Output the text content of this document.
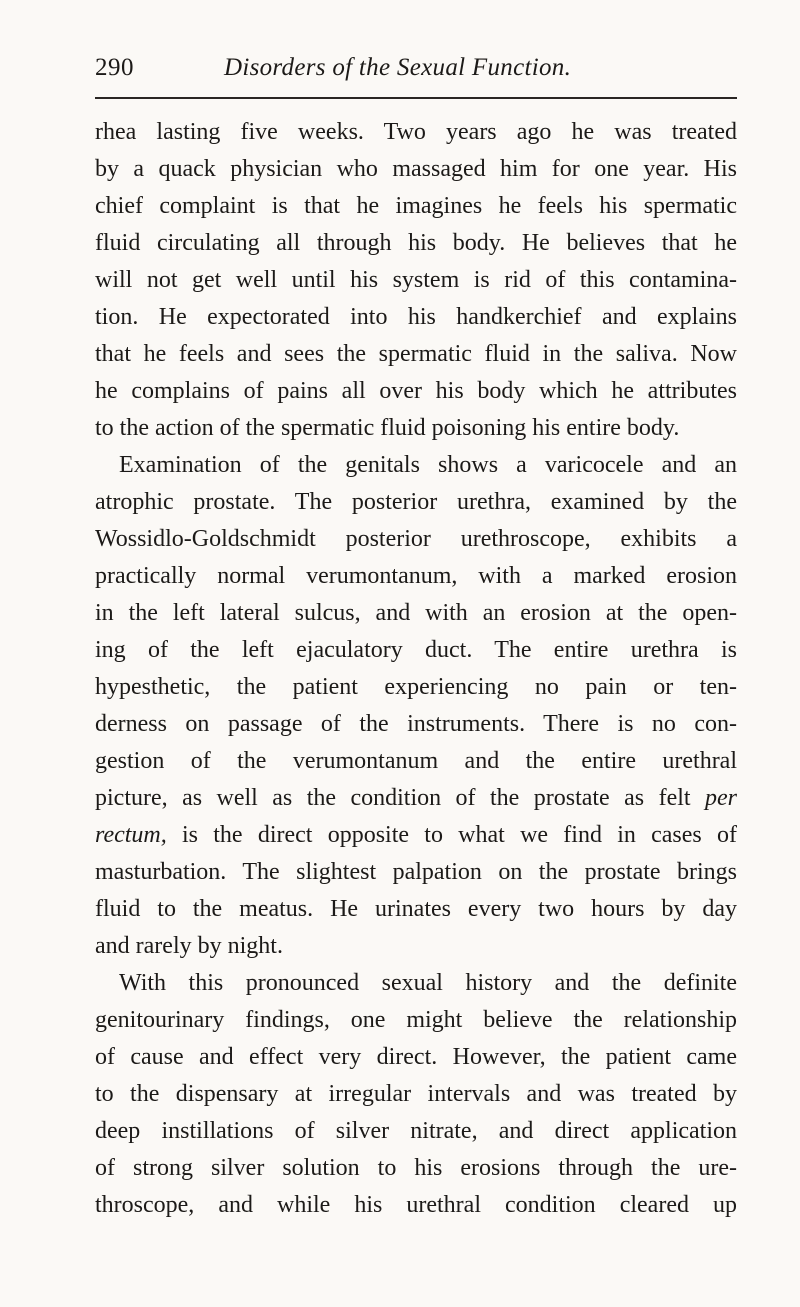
290	Disorders of the Sexual Function.
rhea lasting five weeks. Two years ago he was treated
by a quack physician who massaged him for one year. His
chief complaint is that he imagines he feels his spermatic
fluid circulating all through his body. He believes that he
will not get well until his system is rid of this contamina-
tion. He expectorated into his handkerchief and explains
that he feels and sees the spermatic fluid in the saliva. Now
he complains of pains all over his body which he attributes
to the action of the spermatic fluid poisoning his entire body.
Examination of the genitals shows a varicocele and an
atrophic prostate. The posterior urethra, examined by the
Wossidlo-Goldschmidt posterior urethroscope, exhibits a
practically normal verumontanum, with a marked erosion
in the left lateral sulcus, and with an erosion at the open-
ing of the left ejaculatory duct. The entire urethra is
hypesthetic, the patient experiencing no pain or ten-
derness on passage of the instruments. There is no con-
gestion of the verumontanum and the entire urethral
picture, as well as the condition of the prostate as felt per
rectum, is the direct opposite to what we find in cases of
masturbation. The slightest palpation on the prostate brings
fluid to the meatus. He urinates every two hours by day
and rarely by night.
With this pronounced sexual history and the definite
genitourinary findings, one might believe the relationship
of cause and effect very direct. However, the patient came
to the dispensary at irregular intervals and was treated by
deep instillations of silver nitrate, and direct application
of strong silver solution to his erosions through the ure-
throscope, and while his urethral condition cleared up
